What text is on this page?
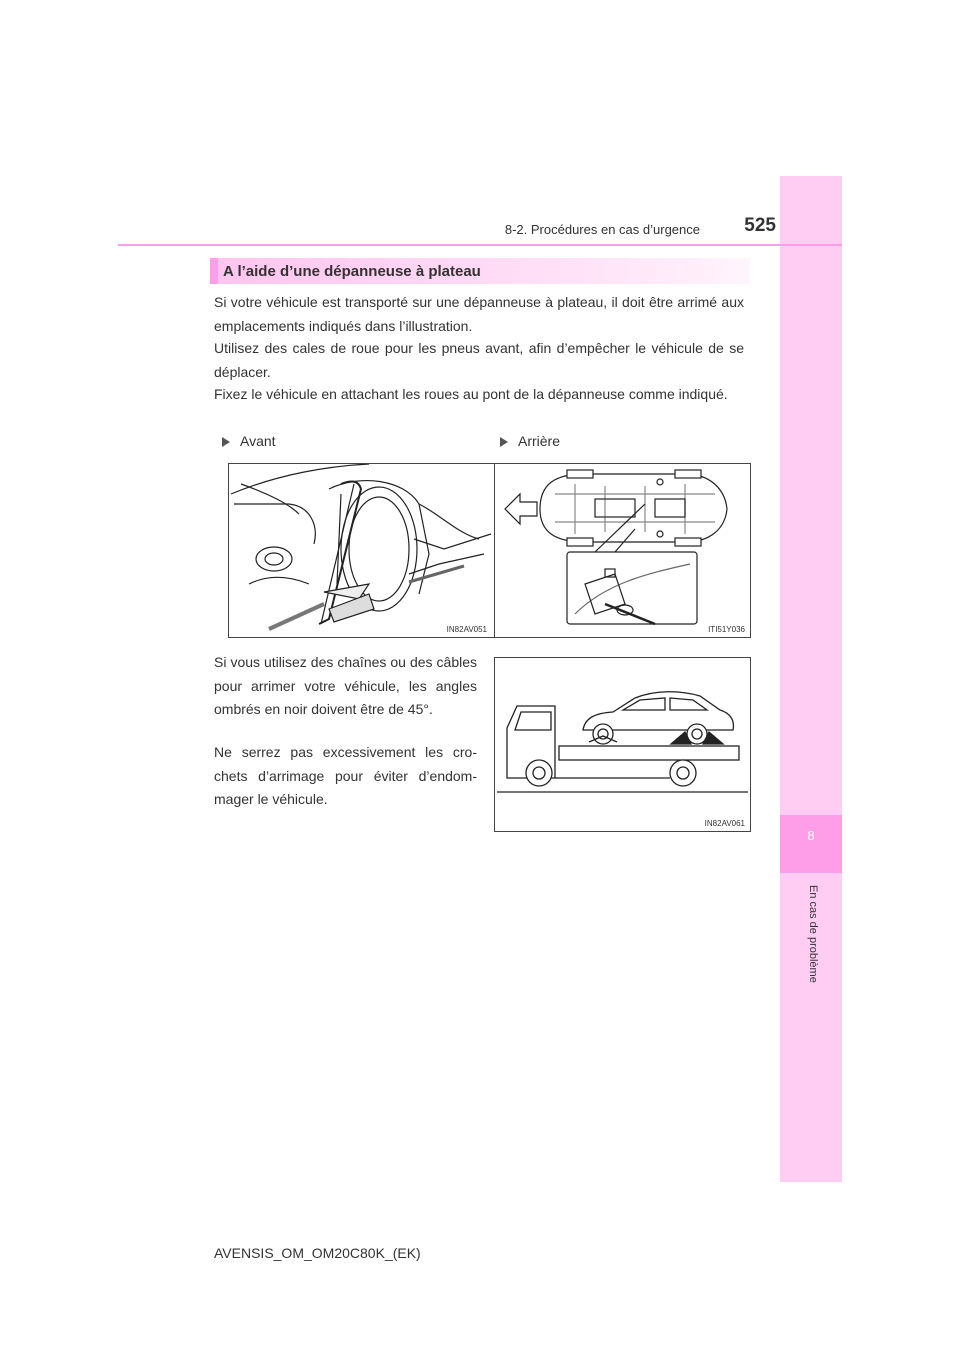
8
En cas de problème
8-2. Procédures en cas d’urgence	525
A l’aide d’une dépanneuse à plateau
Si votre véhicule est transporté sur une dépanneuse à plateau, il doit être arrimé aux emplacements indiqués dans l’illustration.
Utilisez des cales de roue pour les pneus avant, afin d’empêcher le véhicule de se déplacer.
Fixez le véhicule en attachant les roues au pont de la dépanneuse comme indiqué.
Avant	Arrière
IN82AV051	ITI51Y036
Si vous utilisez des chaînes ou des câbles pour arrimer votre véhicule, les angles ombrés en noir doivent être de 45°.
Ne serrez pas excessivement les cro-chets d’arrimage pour éviter d’endom-mager le véhicule.
IN82AV061
AVENSIS_OM_OM20C80K_(EK)
